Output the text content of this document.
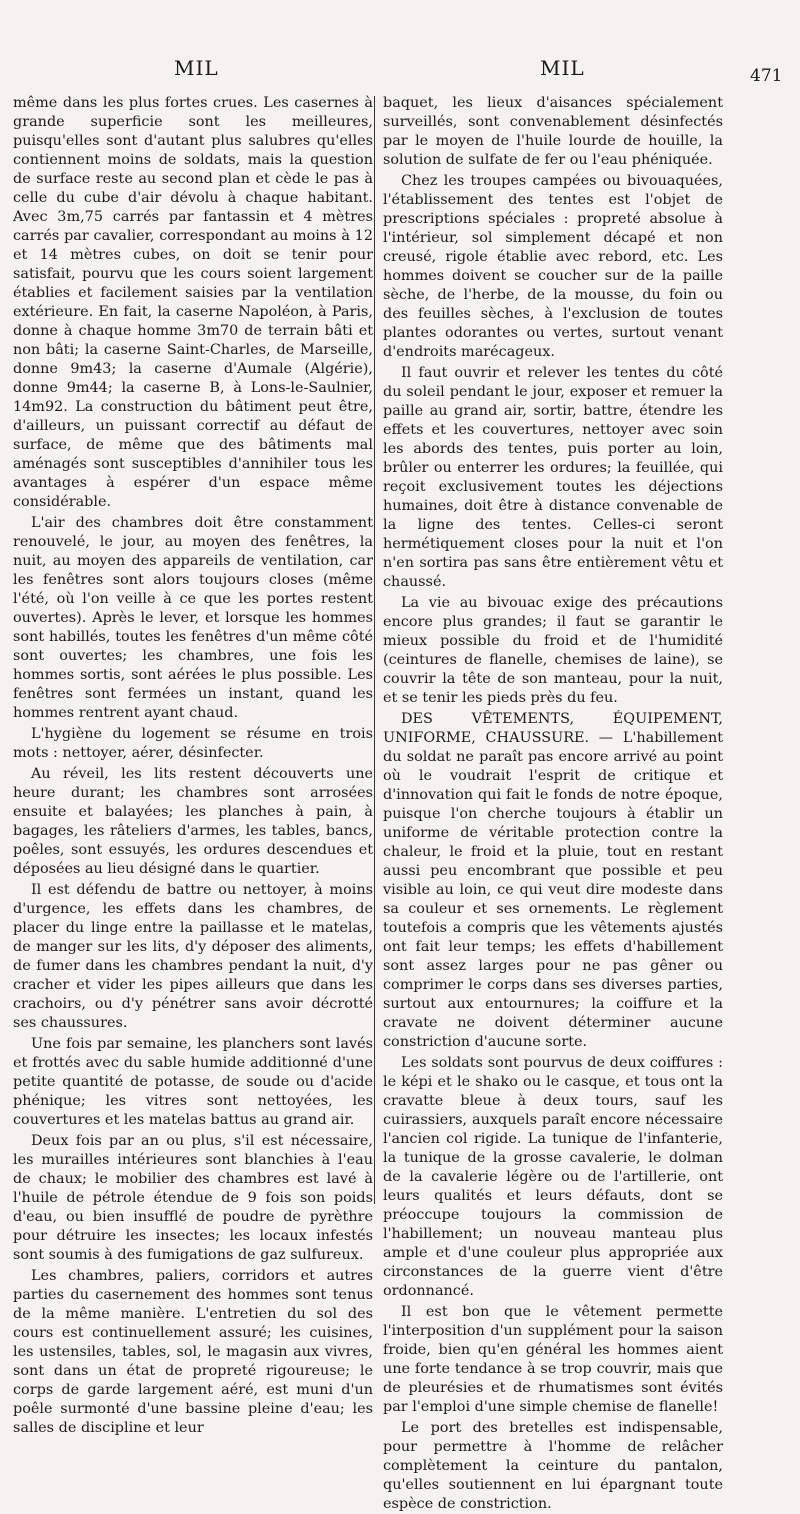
MIL	MIL	471

même dans les plus fortes crues. Les casernes à grande superficie sont les meilleures, puisqu'elles sont d'autant plus salubres qu'elles contiennent moins de soldats, mais la question de surface reste au second plan et cède le pas à celle du cube d'air dévolu à chaque habitant. Avec 3m,75 carrés par fantassin et 4 mètres carrés par cavalier, correspondant au moins à 12 et 14 mètres cubes, on doit se tenir pour satisfait, pourvu que les cours soient largement établies et facilement saisies par la ventilation extérieure. En fait, la caserne Napoléon, à Paris, donne à chaque homme 3m70 de terrain bâti et non bâti; la caserne Saint-Charles, de Marseille, donne 9m43; la caserne d'Aumale (Algérie), donne 9m44; la caserne B, à Lons-le-Saulnier, 14m92. La construction du bâtiment peut être, d'ailleurs, un puissant correctif au défaut de surface, de même que des bâtiments mal aménagés sont susceptibles d'annihiler tous les avantages à espérer d'un espace même considérable.

L'air des chambres doit être constamment renouvelé, le jour, au moyen des fenêtres, la nuit, au moyen des appareils de ventilation, car les fenêtres sont alors toujours closes (même l'été, où l'on veille à ce que les portes restent ouvertes). Après le lever, et lorsque les hommes sont habillés, toutes les fenêtres d'un même côté sont ouvertes; les chambres, une fois les hommes sortis, sont aérées le plus possible. Les fenêtres sont fermées un instant, quand les hommes rentrent ayant chaud.

L'hygiène du logement se résume en trois mots : nettoyer, aérer, désinfecter.

Au réveil, les lits restent découverts une heure durant; les chambres sont arrosées ensuite et balayées; les planches à pain, à bagages, les râteliers d'armes, les tables, bancs, poêles, sont essuyés, les ordures descendues et déposées au lieu désigné dans le quartier.

Il est défendu de battre ou nettoyer, à moins d'urgence, les effets dans les chambres, de placer du linge entre la paillasse et le matelas, de manger sur les lits, d'y déposer des aliments, de fumer dans les chambres pendant la nuit, d'y cracher et vider les pipes ailleurs que dans les crachoirs, ou d'y pénétrer sans avoir décrotté ses chaussures.

Une fois par semaine, les planchers sont lavés et frottés avec du sable humide additionné d'une petite quantité de potasse, de soude ou d'acide phénique; les vitres sont nettoyées, les couvertures et les matelas battus au grand air.

Deux fois par an ou plus, s'il est nécessaire, les murailles intérieures sont blanchies à l'eau de chaux; le mobilier des chambres est lavé à l'huile de pétrole étendue de 9 fois son poids d'eau, ou bien insufflé de poudre de pyrèthre pour détruire les insectes; les locaux infestés sont soumis à des fumigations de gaz sulfureux.

Les chambres, paliers, corridors et autres parties du casernement des hommes sont tenus de la même manière. L'entretien du sol des cours est continuellement assuré; les cuisines, les ustensiles, tables, sol, le magasin aux vivres, sont dans un état de propreté rigoureuse; le corps de garde largement aéré, est muni d'un poêle surmonté d'une bassine pleine d'eau; les salles de discipline et leur

baquet, les lieux d'aisances spécialement surveillés, sont convenablement désinfectés par le moyen de l'huile lourde de houille, la solution de sulfate de fer ou l'eau phéniquée.

Chez les troupes campées ou bivouaquées, l'établissement des tentes est l'objet de prescriptions spéciales : propreté absolue à l'intérieur, sol simplement décapé et non creusé, rigole établie avec rebord, etc. Les hommes doivent se coucher sur de la paille sèche, de l'herbe, de la mousse, du foin ou des feuilles sèches, à l'exclusion de toutes plantes odorantes ou vertes, surtout venant d'endroits marécageux.

Il faut ouvrir et relever les tentes du côté du soleil pendant le jour, exposer et remuer la paille au grand air, sortir, battre, étendre les effets et les couvertures, nettoyer avec soin les abords des tentes, puis porter au loin, brûler ou enterrer les ordures; la feuillée, qui reçoit exclusivement toutes les déjections humaines, doit être à distance convenable de la ligne des tentes. Celles-ci seront hermétiquement closes pour la nuit et l'on n'en sortira pas sans être entièrement vêtu et chaussé.

La vie au bivouac exige des précautions encore plus grandes; il faut se garantir le mieux possible du froid et de l'humidité (ceintures de flanelle, chemises de laine), se couvrir la tête de son manteau, pour la nuit, et se tenir les pieds près du feu.

DES VÊTEMENTS, ÉQUIPEMENT, UNIFORME, CHAUSSURE. — L'habillement du soldat ne paraît pas encore arrivé au point où le voudrait l'esprit de critique et d'innovation qui fait le fonds de notre époque, puisque l'on cherche toujours à établir un uniforme de véritable protection contre la chaleur, le froid et la pluie, tout en restant aussi peu encombrant que possible et peu visible au loin, ce qui veut dire modeste dans sa couleur et ses ornements. Le règlement toutefois a compris que les vêtements ajustés ont fait leur temps; les effets d'habillement sont assez larges pour ne pas gêner ou comprimer le corps dans ses diverses parties, surtout aux entournures; la coiffure et la cravate ne doivent déterminer aucune constriction d'aucune sorte.

Les soldats sont pourvus de deux coiffures : le képi et le shako ou le casque, et tous ont la cravatte bleue à deux tours, sauf les cuirassiers, auxquels paraît encore nécessaire l'ancien col rigide. La tunique de l'infanterie, la tunique de la grosse cavalerie, le dolman de la cavalerie légère ou de l'artillerie, ont leurs qualités et leurs défauts, dont se préoccupe toujours la commission de l'habillement; un nouveau manteau plus ample et d'une couleur plus appropriée aux circonstances de la guerre vient d'être ordonnancé.

Il est bon que le vêtement permette l'interposition d'un supplément pour la saison froide, bien qu'en général les hommes aient une forte tendance à se trop couvrir, mais que de pleurésies et de rhumatismes sont évités par l'emploi d'une simple chemise de flanelle!

Le port des bretelles est indispensable, pour permettre à l'homme de relâcher complètement la ceinture du pantalon, qu'elles soutiennent en lui épargnant toute espèce de constriction.
